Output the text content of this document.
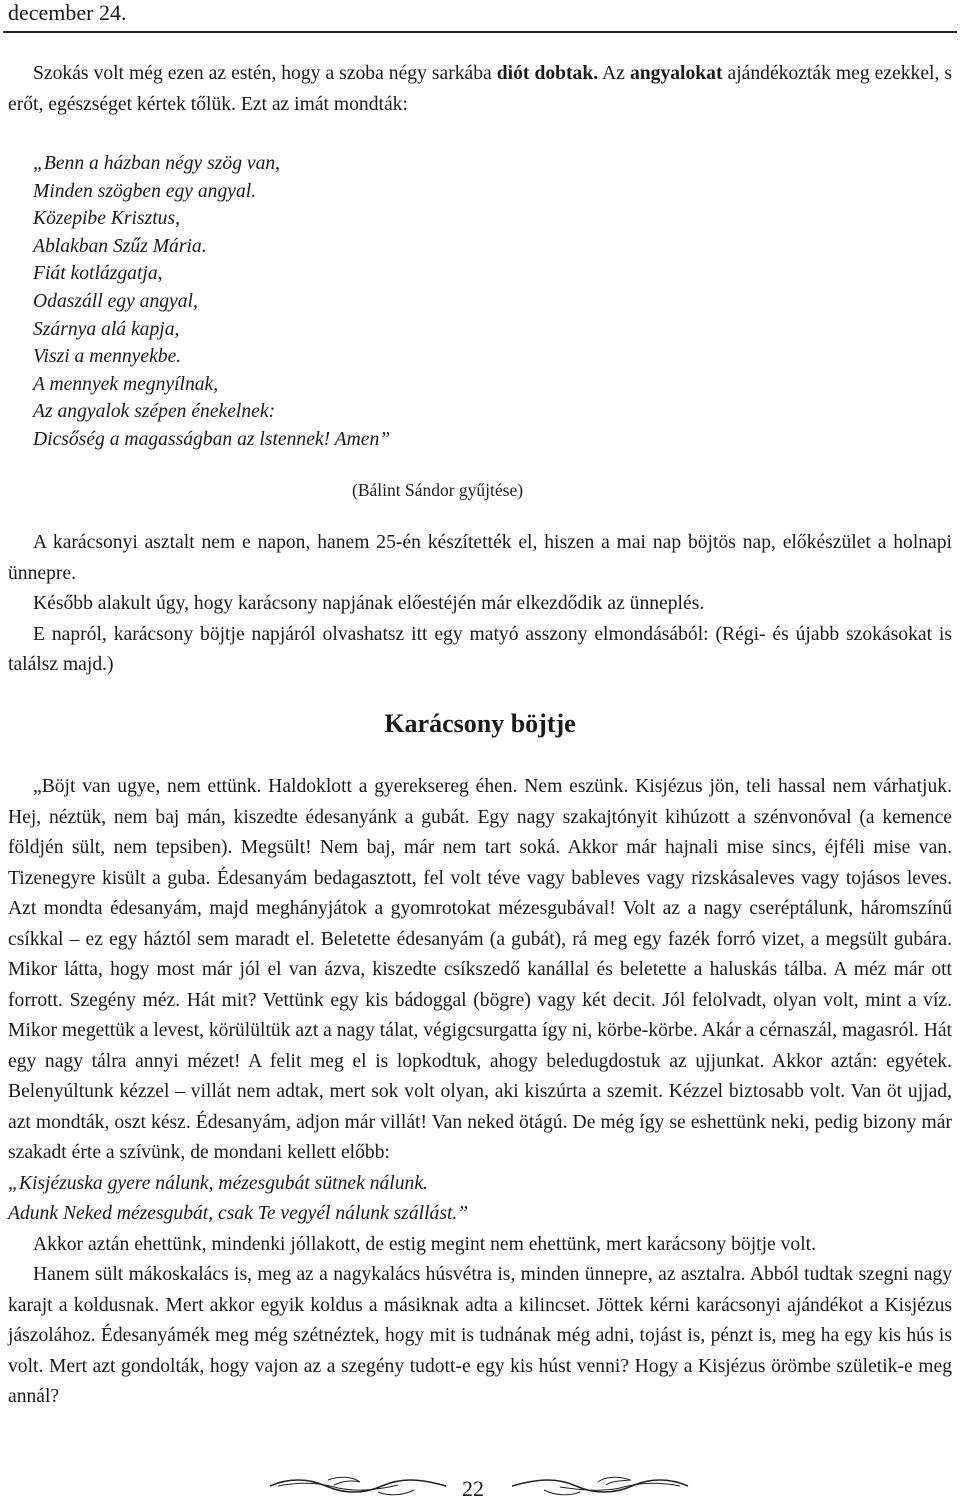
december 24.

Szokás volt még ezen az estén, hogy a szoba négy sarkába diót dobtak. Az angyalokat ajándékozták meg ezekkel, s erőt, egészséget kértek tőlük. Ezt az imát mondták:

„Benn a házban négy szög van,
Minden szögben egy angyal.
Közepibe Krisztus,
Ablakban Szűz Mária.
Fiát kotlázgatja,
Odaszáll egy angyal,
Szárnya alá kapja,
Viszi a mennyekbe.
A mennyek megnyílnak,
Az angyalok szépen énekelnek:
Dicsőség a magasságban az lstennek! Amen”
(Bálint Sándor gyűjtése)

A karácsonyi asztalt nem e napon, hanem 25-én készítették el, hiszen a mai nap böjtös nap, előkészület a holnapi ünnepre.

Később alakult úgy, hogy karácsony napjának előestéjén már elkezdődik az ünneplés.

E napról, karácsony böjtje napjáról olvashatsz itt egy matyó asszony elmondásából: (Régi- és újabb szokásokat is találsz majd.)

Karácsony böjtje

„Böjt van ugye, nem ettünk. Haldoklott a gyereksereg éhen. Nem eszünk. Kisjézus jön, teli hassal nem várhatjuk. Hej, néztük, nem baj mán, kiszedte édesanyánk a gubát. Egy nagy szakajtónyit kihúzott a szénvonóval (a kemence földjén sült, nem tepsiben). Megsült! Nem baj, már nem tart soká. Akkor már hajnali mise sincs, éjféli mise van. Tizenegyre kisült a guba. Édesanyám bedagasztott, fel volt téve vagy bableves vagy rizskásaleves vagy tojásos leves. Azt mondta édesanyám, majd meghányjátok a gyomrotokat mézesgubával! Volt az a nagy cseréptálunk, háromszínű csíkkal – ez egy háztól sem maradt el. Beletette édesanyám (a gubát), rá meg egy fazék forró vizet, a megsült gubára. Mikor látta, hogy most már jól el van ázva, kiszedte csíkszedő kanállal és beletette a haluskás tálba. A méz már ott forrott. Szegény méz. Hát mit? Vettünk egy kis bádoggal (bögre) vagy két decit. Jól felolvadt, olyan volt, mint a víz. Mikor megettük a levest, körülültük azt a nagy tálat, végigcsurgatta így ni, körbe-körbe. Akár a cérnaszál, magasról. Hát egy nagy tálra annyi mézet! A felit meg el is lopkodtuk, ahogy beledugdostuk az ujjunkat. Akkor aztán: egyétek. Belenyúltunk kézzel – villát nem adtak, mert sok volt olyan, aki kiszúrta a szemit. Kézzel biztosabb volt. Van öt ujjad, azt mondták, oszt kész. Édesanyám, adjon már villát! Van neked ötágú. De még így se eshettünk neki, pedig bizony már szakadt érte a szívünk, de mondani kellett előbb:

„Kisjézuska gyere nálunk, mézesgubát sütnek nálunk.

Adunk Neked mézesgubát, csak Te vegyél nálunk szállást.”

Akkor aztán ehettünk, mindenki jóllakott, de estig megint nem ehettünk, mert karácsony böjtje volt.

Hanem sült mákoskalács is, meg az a nagykalács húsvétra is, minden ünnepre, az asztalra. Abból tudtak szegni nagy karajt a koldusnak. Mert akkor egyik koldus a másiknak adta a kilincset. Jöttek kérni karácsonyi ajándékot a Kisjézus jászolához. Édesanyámék meg még szétnéztek, hogy mit is tudnának még adni, tojást is, pénzt is, meg ha egy kis hús is volt. Mert azt gondolták, hogy vajon az a szegény tudott-e egy kis húst venni? Hogy a Kisjézus örömbe születik-e meg annál?

22
